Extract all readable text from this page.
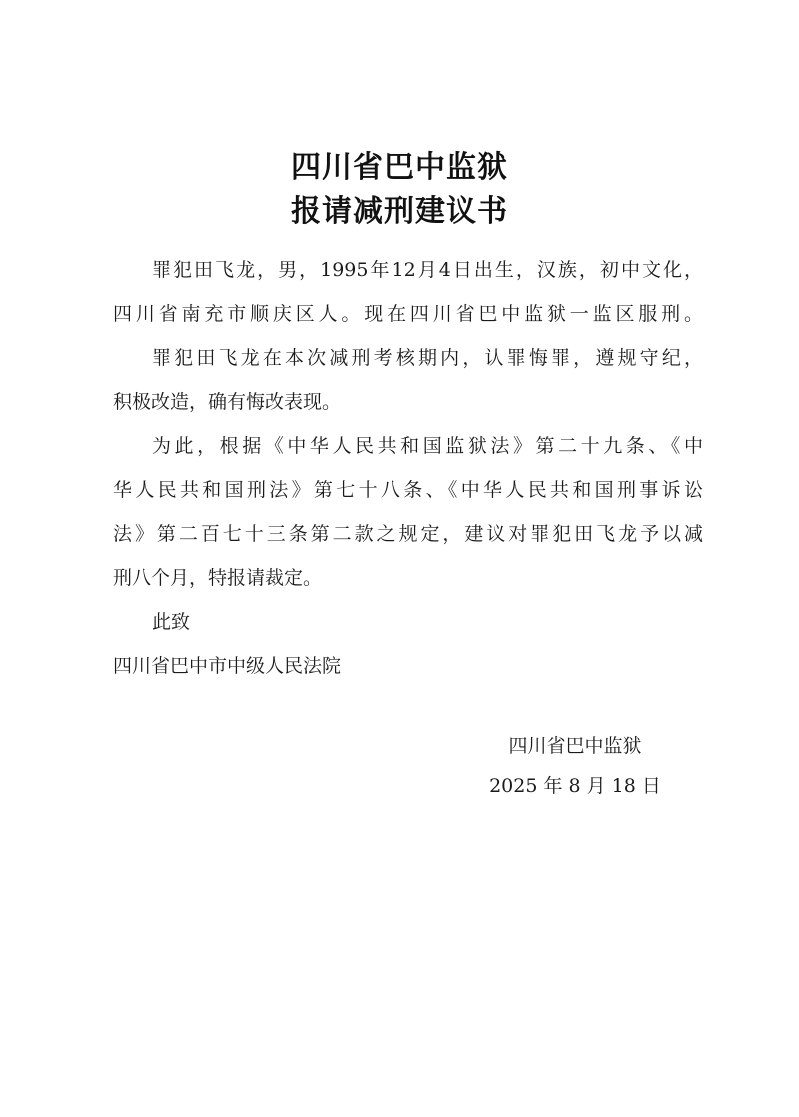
四川省巴中监狱
报请减刑建议书
罪犯田飞龙，男，1995年12月4日出生，汉族，初中文化，
四川省南充市顺庆区人。现在四川省巴中监狱一监区服刑。
罪犯田飞龙在本次减刑考核期内，认罪悔罪，遵规守纪，
积极改造，确有悔改表现。
为此，根据《中华人民共和国监狱法》第二十九条、《中
华人民共和国刑法》第七十八条、《中华人民共和国刑事诉讼
法》第二百七十三条第二款之规定，建议对罪犯田飞龙予以减
刑八个月，特报请裁定。
此致
四川省巴中市中级人民法院
四川省巴中监狱
2025 年 8 月 18 日
